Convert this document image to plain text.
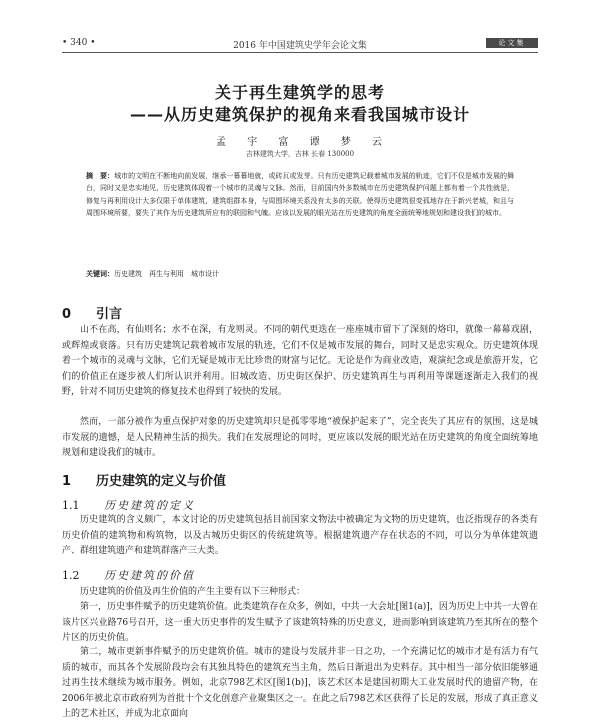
• 340 •	2016 年中国建筑史学年会论文集	论文集
关于再生建筑学的思考
——从历史建筑保护的视角来看我国城市设计
孟 宇 富 谭 梦 云
吉林建筑大学，吉林 长春 130000
摘　要：城市的文明在不断地向前发展，继承一幕幕地就，或砖瓦或发芽。只有历史建筑记载着城市发展的轨迹，它们不仅是城市发展的舞台，同时又是忠实地见，历史建筑体现着一个城市的灵魂与文脉。然而，目前国内外多数城市在历史建筑保护问题上都有着一个共性就是，修复与再利用设计大多仅限于单体建筑，建筑组群本身，与周围环境关系没有太多的关联。使得历史建筑很变孤地存在于新兴老城，和且与周围环境所要，要失了其作为历史建筑所应有的联园和气魄。应该以发展的眼光站在历史建筑的角度全面统筹地规划和建设我们的城市。
关键词：历史建筑　再生与利用　城市设计
0 引言
山不在高，有仙则名；水不在深，有龙则灵。不同的朝代更迭在一座座城市留下了深刻的烙印，就像一幕幕戏剧，或辉煌或衰落。只有历史建筑记载着城市发展的轨迹，它们不仅是城市发展的舞台，同时又是忠实观众。历史建筑体现着一个城市的灵魂与文脉，它们无疑是城市无比珍贵的财富与记忆。无论是作为商业改造，观演纪念或是旅游开发，它们的价值正在逐步被人们所认识并利用。旧城改造、历史街区保护、历史建筑再生与再利用等课题逐渐走入我们的视野，针对不同历史建筑的修复技术也得到了较快的发展。
然而，一部分被作为重点保护对象的历史建筑却只是孤零零地“被保护起来了”，完全丧失了其应有的氛围，这是城市发展的遗憾，是人民精神生活的损失。我们在发展理论的同时，更应该以发展的眼光站在历史建筑的角度全面统筹地规划和建设我们的城市。
1 历史建筑的定义与价值
1.1 历史建筑的定义
历史建筑的含义颇广，本文讨论的历史建筑包括目前国家文物法中被确定为文物的历史建筑，也泛指现存的各类有历史价值的建筑物和构筑物，以及古城历史街区的传统建筑等。根据建筑遗产存在状态的不同，可以分为单体建筑遗产、群组建筑遗产和建筑群落产三大类。
1.2 历史建筑的价值
历史建筑的价值及再生价值的产生主要有以下三种形式：
第一，历史事件赋予的历史建筑价值。此类建筑存在众多，例如，中共一大会址[图1(a)]，因为历史上中共一大曾在该片区兴业路76号召开，这一重大历史事件的发生赋予了该建筑特殊的历史意义，进而影响到该建筑乃至其所在的整个片区的历史价值。
第二，城市更新事件赋予的历史建筑价值。城市的建设与发展并非一日之功，一个充满记忆的城市才是有活力有气质的城市，而其各个发展阶段均会有其独具特色的建筑充当主角，然后日渐退出为史料存。其中相当一部分依旧能够通过再生技术继续为城市服务。例如，北京798艺术区[图1(b)]，该艺术区本是建国初期大工业发展时代的遗留产物，在2006年被北京市政府列为首批十个文化创意产业聚集区之一。在此之后798艺术区获得了长足的发展，形成了真正意义上的艺术社区，并成为北京面向
